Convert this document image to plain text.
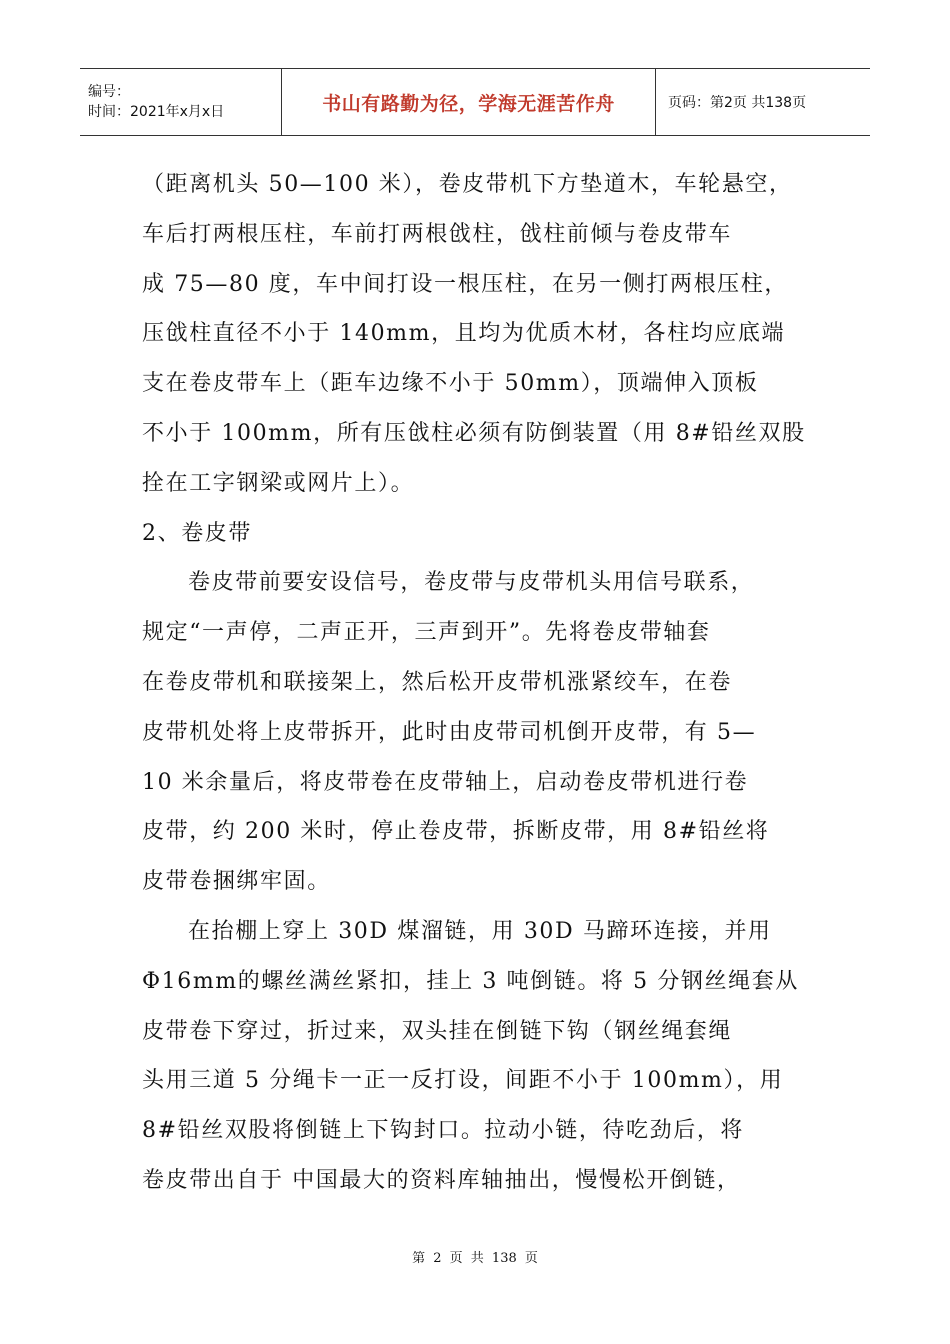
编号：
时间：2021年x月x日	书山有路勤为径，学海无涯苦作舟	页码：第2页 共138页
（距离机头 50—100 米），卷皮带机下方垫道木，车轮悬空，
车后打两根压柱，车前打两根戗柱，戗柱前倾与卷皮带车
成 75—80 度，车中间打设一根压柱，在另一侧打两根压柱，
压戗柱直径不小于 140mm，且均为优质木材，各柱均应底端
支在卷皮带车上（距车边缘不小于 50mm），顶端伸入顶板
不小于 100mm，所有压戗柱必须有防倒装置（用 8#铅丝双股
拴在工字钢梁或网片上）。
2、卷皮带
卷皮带前要安设信号，卷皮带与皮带机头用信号联系，
规定“一声停，二声正开，三声到开”。先将卷皮带轴套
在卷皮带机和联接架上，然后松开皮带机涨紧绞车，在卷
皮带机处将上皮带拆开，此时由皮带司机倒开皮带，有 5—
10 米余量后，将皮带卷在皮带轴上，启动卷皮带机进行卷
皮带，约 200 米时，停止卷皮带，拆断皮带，用 8#铅丝将
皮带卷捆绑牢固。
在抬棚上穿上 30D 煤溜链，用 30D 马蹄环连接，并用
Φ16mm的螺丝满丝紧扣，挂上 3 吨倒链。将 5 分钢丝绳套从
皮带卷下穿过，折过来，双头挂在倒链下钩（钢丝绳套绳
头用三道 5 分绳卡一正一反打设，间距不小于 100mm），用
8#铅丝双股将倒链上下钩封口。拉动小链，待吃劲后，将
卷皮带出自于 中国最大的资料库轴抽出，慢慢松开倒链，
第 2 页 共 138 页
